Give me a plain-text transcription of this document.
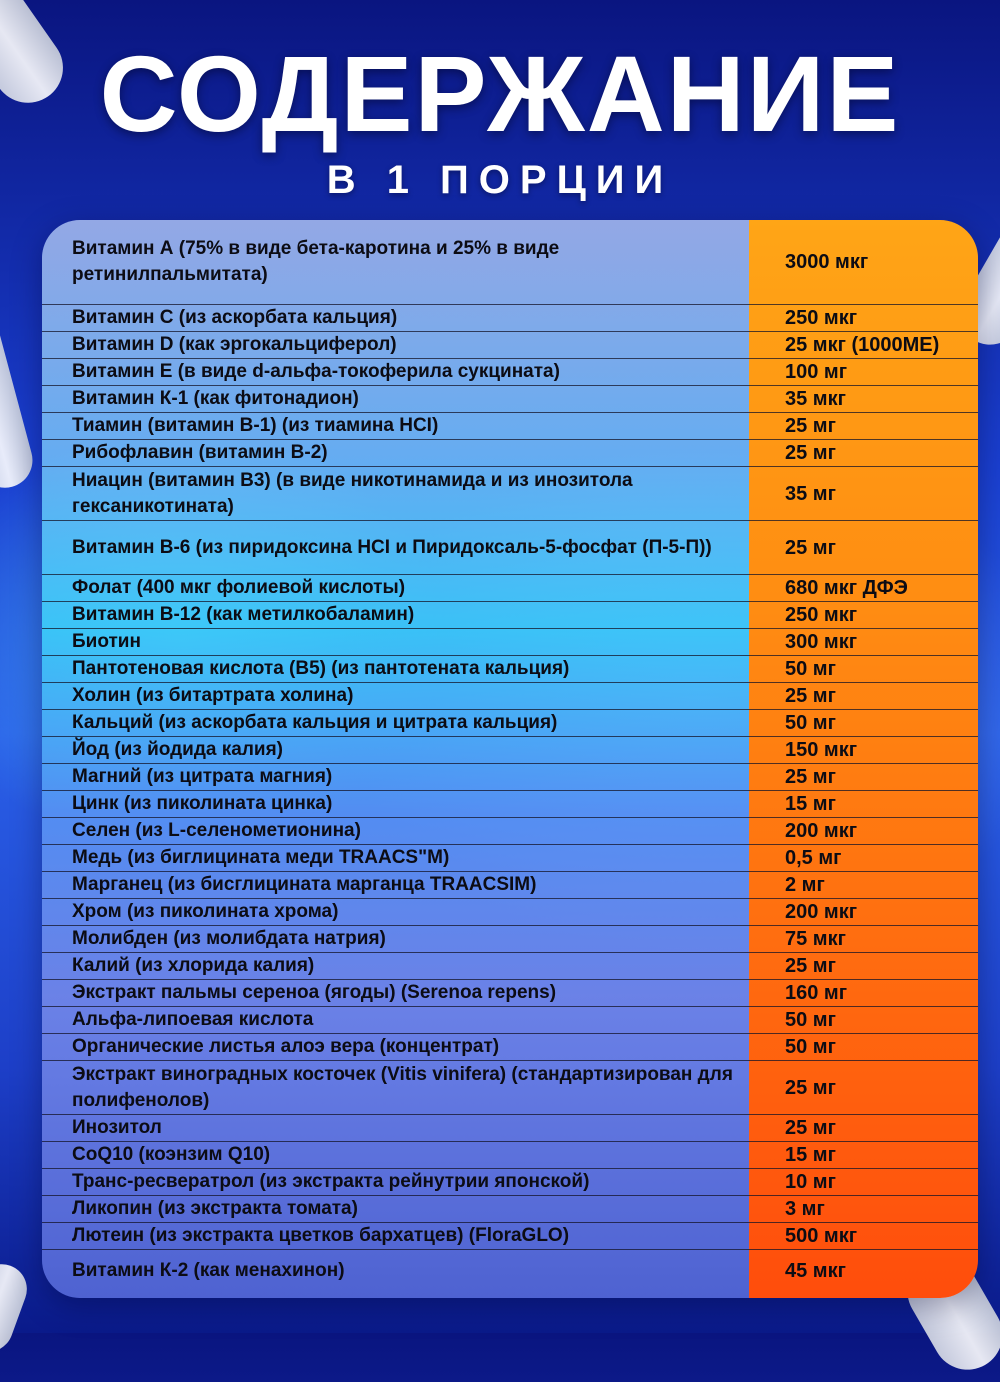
СОДЕРЖАНИЕ
В 1 ПОРЦИИ
Витамин А (75% в виде бета-каротина и 25% в виде ретинилпальмитата)	3000 мкг
Витамин C (из аскорбата кальция)	250 мкг
Витамин D (как эргокальциферол)	25 мкг (1000МЕ)
Витамин E (в виде d-альфа-токоферила сукцината)	100 мг
Витамин К-1 (как фитонадион)	35 мкг
Тиамин (витамин B-1) (из тиамина HCI)	25 мг
Рибофлавин (витамин B-2)	25 мг
Ниацин (витамин B3) (в виде никотинамида и из инозитола гексаникотината)	35 мг
Витамин B-6 (из пиридоксина HCI и Пиридоксаль-5-фосфат (П-5-П))	25 мг
Фолат (400 мкг фолиевой кислоты)	680 мкг ДФЭ
Витамин B-12 (как метилкобаламин)	250 мкг
Биотин	300 мкг
Пантотеновая кислота (B5) (из пантотената кальция)	50 мг
Холин (из битартрата холина)	25 мг
Кальций (из аскорбата кальция и цитрата кальция)	50 мг
Йод (из йодида калия)	150 мкг
Магний (из цитрата магния)	25 мг
Цинк (из пиколината цинка)	15 мг
Селен (из L-селенометионина)	200 мкг
Медь (из биглицината меди TRAACS"M)	0,5 мг
Марганец (из бисглицината марганца TRAACSIM)	2 мг
Хром (из пиколината хрома)	200 мкг
Молибден (из молибдата натрия)	75 мкг
Калий (из хлорида калия)	25 мг
Экстракт пальмы сереноа (ягоды) (Serenoa repens)	160 мг
Альфа-липоевая кислота	50 мг
Органические листья алоэ вера (концентрат)	50 мг
Экстракт виноградных косточек (Vitis vinifera) (стандартизирован для полифенолов)	25 мг
Инозитол	25 мг
CoQ10 (коэнзим Q10)	15 мг
Транс-ресвератрол (из экстракта рейнутрии японской)	10 мг
Ликопин (из экстракта томата)	3 мг
Лютеин (из экстракта цветков бархатцев) (FloraGLO)	500 мкг
Витамин К-2 (как менахинон)	45 мкг
